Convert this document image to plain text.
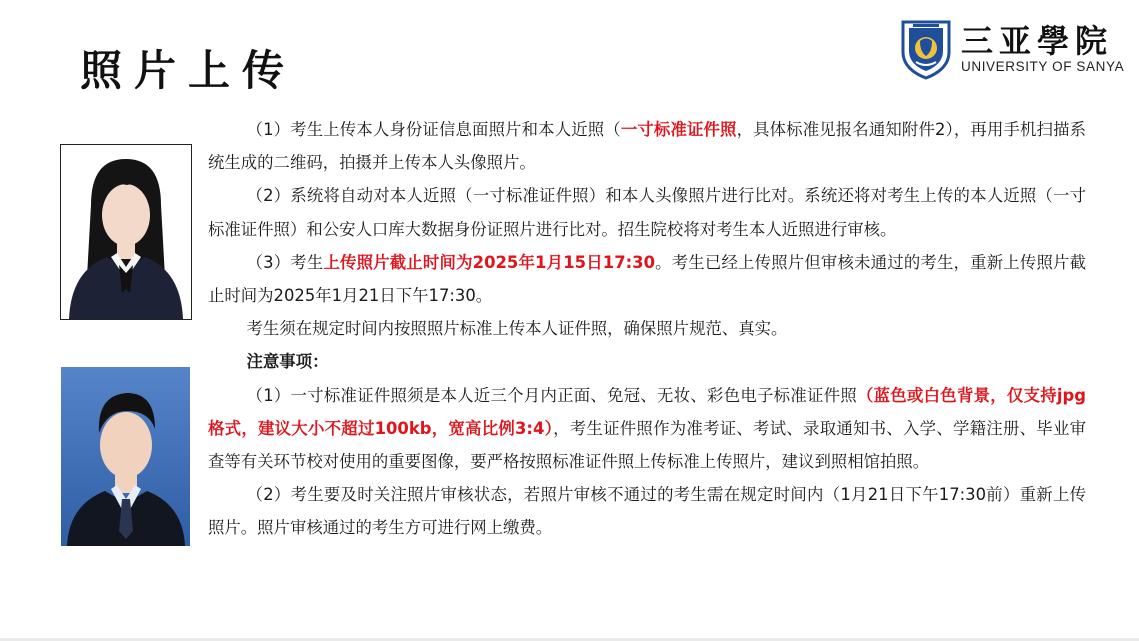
照片上传
三亚學院
UNIVERSITY OF SANYA

（1）考生上传本人身份证信息面照片和本人近照（一寸标准证件照，具体标准见报名通知附件2），再用手机扫描系统生成的二维码，拍摄并上传本人头像照片。

（2）系统将自动对本人近照（一寸标准证件照）和本人头像照片进行比对。系统还将对考生上传的本人近照（一寸标准证件照）和公安人口库大数据身份证照片进行比对。招生院校将对考生本人近照进行审核。

（3）考生上传照片截止时间为2025年1月15日17:30。考生已经上传照片但审核未通过的考生，重新上传照片截止时间为2025年1月21日下午17:30。

考生须在规定时间内按照照片标准上传本人证件照，确保照片规范、真实。

注意事项：

（1）一寸标准证件照须是本人近三个月内正面、免冠、无妆、彩色电子标准证件照（蓝色或白色背景，仅支持jpg格式，建议大小不超过100kb，宽高比例3:4），考生证件照作为准考证、考试、录取通知书、入学、学籍注册、毕业审查等有关环节校对使用的重要图像，要严格按照标准证件照上传标准上传照片，建议到照相馆拍照。

（2）考生要及时关注照片审核状态，若照片审核不通过的考生需在规定时间内（1月21日下午17:30前）重新上传照片。照片审核通过的考生方可进行网上缴费。
